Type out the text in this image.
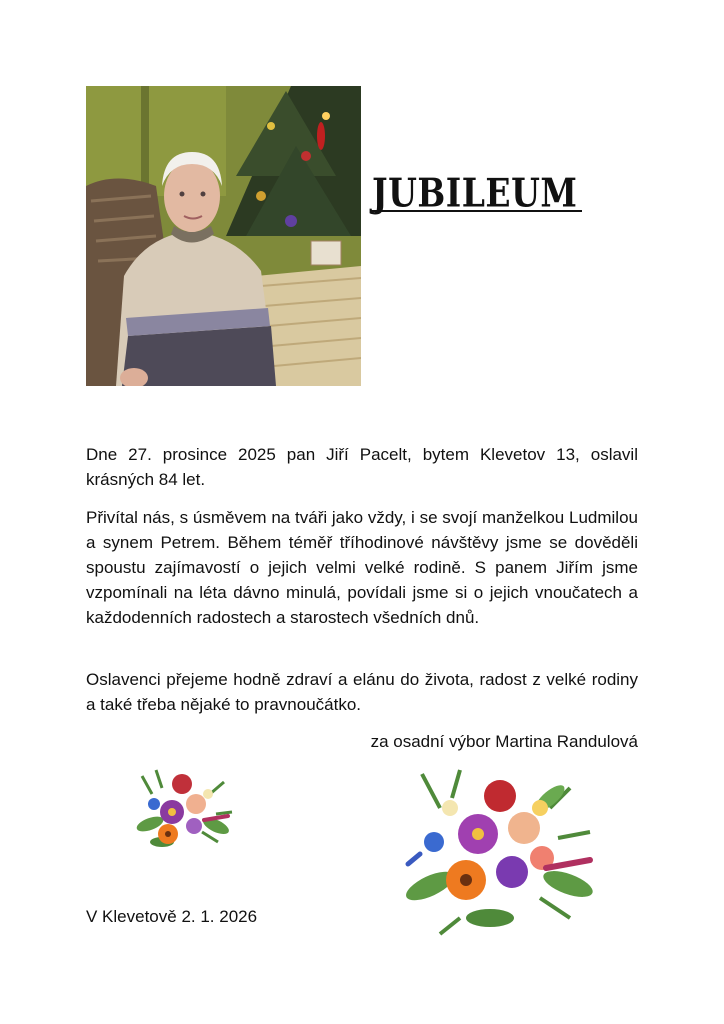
JUBILEUM
Dne 27. prosince 2025 pan Jiří Pacelt, bytem Klevetov 13, oslavil krásných 84 let.
Přivítal nás, s úsměvem na tváři jako vždy, i se svojí manželkou Ludmilou a synem Petrem. Během téměř tříhodinové návštěvy jsme se dověděli spoustu zajímavostí o jejich velmi velké rodině. S panem Jiřím jsme vzpomínali na léta dávno minulá, povídali jsme si o jejich vnoučatech a každodenních radostech a starostech všedních dnů.
Oslavenci přejeme hodně zdraví a elánu do života, radost z velké rodiny a také třeba nějaké to pravnoučátko.
za osadní výbor Martina Randulová
V Klevetově 2. 1. 2026
